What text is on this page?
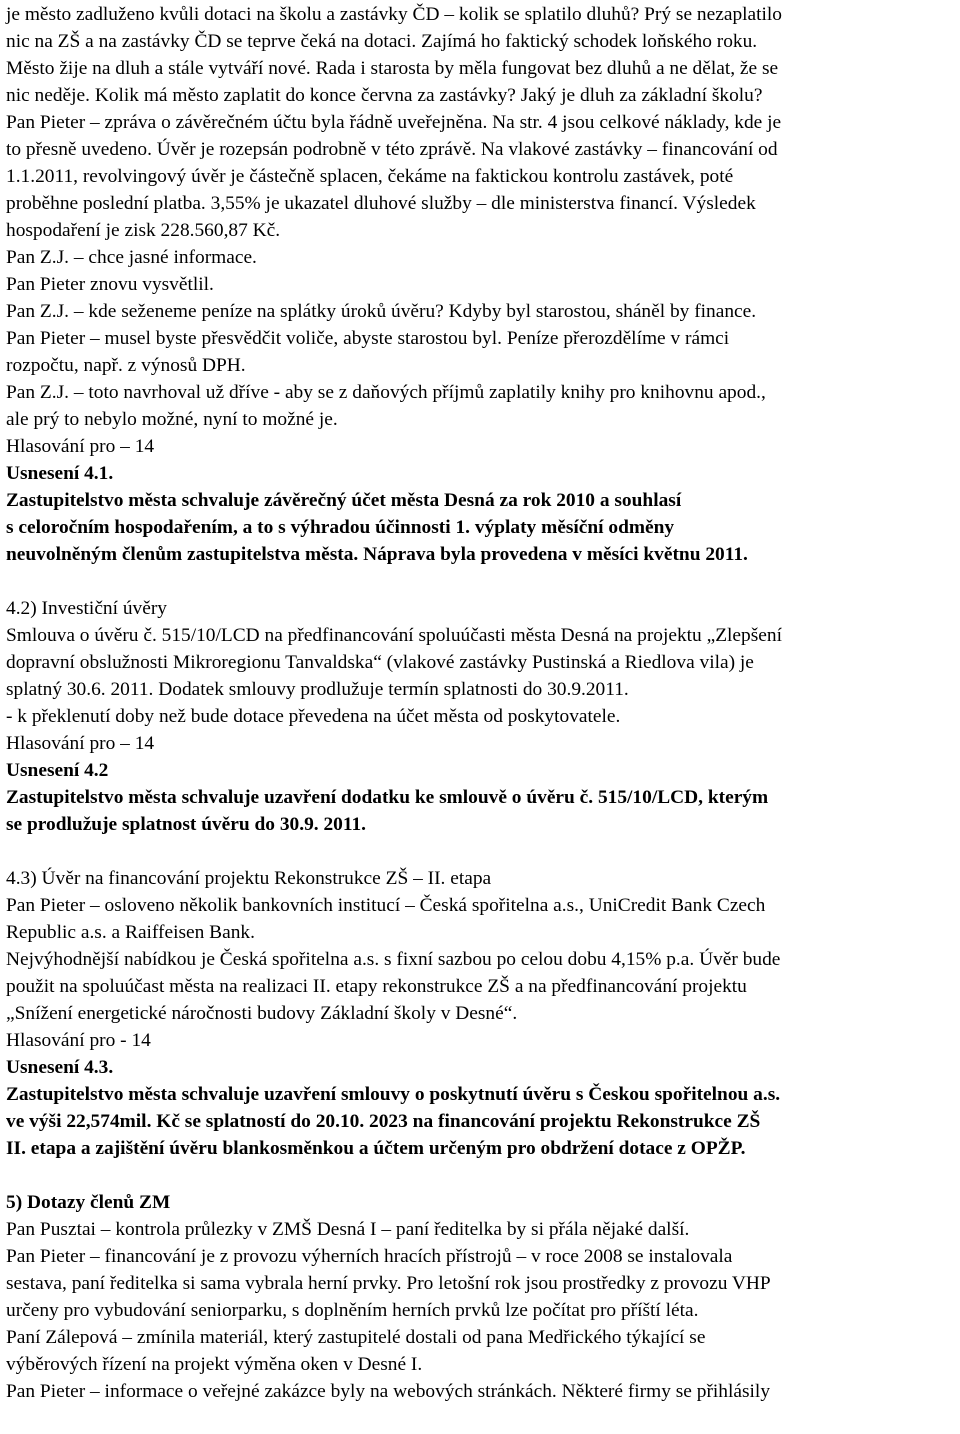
je město zadluženo kvůli dotaci na školu a zastávky ČD – kolik se splatilo dluhů? Prý se nezaplatilo
nic na ZŠ a na zastávky ČD se teprve čeká na dotaci. Zajímá ho faktický schodek loňského roku.
Město žije na dluh a stále vytváří nové. Rada i starosta by měla fungovat bez dluhů a ne dělat, že se
nic neděje. Kolik má město zaplatit do konce června za zastávky? Jaký je dluh za základní školu?
Pan Pieter – zpráva o závěrečném účtu byla řádně uveřejněna. Na str. 4 jsou celkové náklady, kde je
to přesně uvedeno. Úvěr je rozepsán podrobně v této zprávě. Na vlakové zastávky – financování od
1.1.2011, revolvingový úvěr je částečně splacen, čekáme na faktickou kontrolu zastávek, poté
proběhne poslední platba. 3,55% je ukazatel dluhové služby – dle ministerstva financí. Výsledek
hospodaření je zisk 228.560,87 Kč.
Pan Z.J. – chce jasné informace.
Pan Pieter znovu vysvětlil.
Pan Z.J. – kde seženeme peníze na splátky úroků úvěru? Kdyby byl starostou, sháněl by finance.
Pan Pieter – musel byste přesvědčit voliče, abyste starostou byl. Peníze přerozdělíme v rámci
rozpočtu, např. z výnosů DPH.
Pan Z.J. – toto navrhoval už dříve - aby se z daňových příjmů zaplatily knihy pro knihovnu apod.,
ale prý to nebylo možné, nyní to možné je.
Hlasování pro – 14
Usnesení 4.1.
Zastupitelstvo města schvaluje závěrečný účet města Desná za rok 2010 a souhlasí
s celoročním hospodařením, a to s výhradou účinnosti 1. výplaty měsíční odměny
neuvolněným členům zastupitelstva města. Náprava byla provedena v měsíci květnu 2011.
4.2) Investiční úvěry
Smlouva o úvěru č. 515/10/LCD na předfinancování spoluúčasti města Desná na projektu „Zlepšení
dopravní obslužnosti Mikroregionu Tanvaldska“ (vlakové zastávky Pustinská a Riedlova vila) je
splatný 30.6. 2011. Dodatek smlouvy prodlužuje termín splatnosti do 30.9.2011.
- k překlenutí doby než bude dotace převedena na účet města od poskytovatele.
Hlasování pro – 14
Usnesení 4.2
Zastupitelstvo města schvaluje uzavření dodatku ke smlouvě o úvěru č. 515/10/LCD, kterým
se prodlužuje splatnost úvěru do 30.9. 2011.
4.3) Úvěr na financování projektu Rekonstrukce ZŠ – II. etapa
Pan Pieter – osloveno několik bankovních institucí – Česká spořitelna a.s., UniCredit Bank Czech
Republic a.s. a Raiffeisen Bank.
Nejvýhodnější nabídkou je Česká spořitelna a.s. s fixní sazbou po celou dobu 4,15% p.a. Úvěr bude
použit na spoluúčast města na realizaci II. etapy rekonstrukce ZŠ a na předfinancování projektu
„Snížení energetické náročnosti budovy Základní školy v Desné“.
Hlasování pro - 14
Usnesení 4.3.
Zastupitelstvo města schvaluje uzavření smlouvy o poskytnutí úvěru s Českou spořitelnou a.s.
ve výši 22,574mil. Kč se splatností do 20.10. 2023 na financování projektu Rekonstrukce ZŠ
II. etapa a zajištění úvěru blankosměnkou a účtem určeným pro obdržení dotace z OPŽP.
5) Dotazy členů ZM
Pan Pusztai – kontrola průlezky v ZMŠ Desná I – paní ředitelka by si přála nějaké další.
Pan Pieter – financování je z provozu výherních hracích přístrojů – v roce 2008 se instalovala
sestava, paní ředitelka si sama vybrala herní prvky. Pro letošní rok jsou prostředky z provozu VHP
určeny pro vybudování seniorparku, s doplněním herních prvků lze počítat pro příští léta.
Paní Zálepová – zmínila materiál, který zastupitelé dostali od pana Medřického týkající se
výběrových řízení na projekt výměna oken v Desné I.
Pan Pieter – informace o veřejné zakázce byly na webových stránkách. Některé firmy se přihlásily
